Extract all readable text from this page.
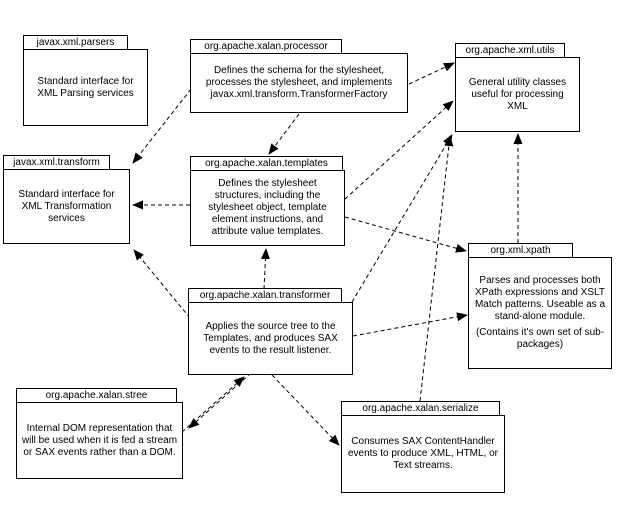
javax.xml.parsers
Standard interface for XML Parsing services
org.apache.xalan.processor
Defines the schema for the stylesheet, processes the stylesheet, and implements javax.xml.transform.TransformerFactory
org.apache.xml.utils
General utility classes useful for processing XML
javax.xml.transform
Standard interface for XML Transformation services
org.apache.xalan.templates
Defines the stylesheet structures, including the stylesheet object, template element instructions, and attribute value templates.
org.xml.xpath
Parses and processes both XPath expressions and XSLT Match patterns. Useable as a stand-alone module.
(Contains it's own set of sub-packages)
org.apache.xalan.transformer
Applies the source tree to the Templates, and produces SAX events to the result listener.
org.apache.xalan.stree
Internal DOM representation that will be used when it is fed a stream or SAX events rather than a DOM.
org.apache.xalan.serialize
Consumes SAX ContentHandler events to produce XML, HTML, or Text streams.
